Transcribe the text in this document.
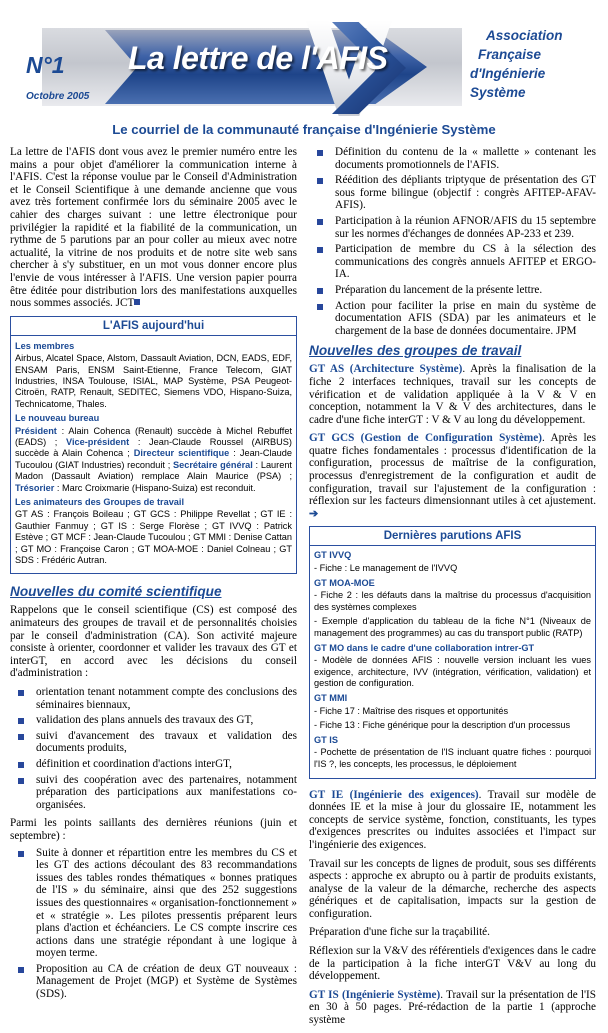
La lettre de l'AFIS
N°1
Octobre 2005
Association
Française
d'Ingénierie
Système
Le courriel de la communauté française d'Ingénierie Système

La lettre de l'AFIS dont vous avez le premier numéro entre les mains a pour objet d'améliorer la communication interne à l'AFIS. C'est la réponse voulue par le Conseil d'Administration et le Conseil Scientifique à une demande ancienne que vous avez très fortement confirmée lors du séminaire 2005 avec le cahier des charges suivant : une lettre électronique pour privilégier la rapidité et la fiabilité de la communication, un rythme de 5 parutions par an pour coller au mieux avec notre actualité, la vitrine de nos produits et de notre site web sans chercher à s'y substituer, en un mot vous donner encore plus l'envie de vous intéresser à l'AFIS. Une version papier pourra être éditée pour distribution lors des manifestations auxquelles nous sommes associés. JCT

L'AFIS aujourd'hui
Les membres

Airbus, Alcatel Space, Alstom, Dassault Aviation, DCN, EADS, EDF, ENSAM Paris, ENSM Saint-Etienne, France Telecom, GIAT Industries, INSA Toulouse, ISIAL, MAP Système, PSA Peugeot-Citroën, RATP, Renault, SEDITEC, Siemens VDO, Hispano-Suiza, Technicatome, Thales.

Le nouveau bureau

Président : Alain Cohenca (Renault) succède à Michel Rebuffet (EADS) ; Vice-président : Jean-Claude Roussel (AIRBUS) succède à Alain Cohenca ; Directeur scientifique : Jean-Claude Tucoulou (GIAT Industries) reconduit ; Secrétaire général : Laurent Madon (Dassault Aviation) remplace Alain Maurice (PSA) ; Trésorier : Marc Croixmarie (Hispano-Suiza) est reconduit.

Les animateurs des Groupes de travail

GT AS : François Boileau ; GT GCS : Philippe Revellat ; GT IE : Gauthier Fanmuy ; GT IS : Serge Florèse ; GT IVVQ : Patrick Estève ; GT MCF : Jean-Claude Tucoulou ; GT MMI : Denise Cattan ; GT MO : Françoise Caron ; GT MOA-MOE : Daniel Colneau ; GT SDS : Frédéric Autran.

Nouvelles du comité scientifique

Rappelons que le conseil scientifique (CS) est composé des animateurs des groupes de travail et de personnalités choisies par le conseil d'administration (CA). Son activité majeure consiste à orienter, coordonner et valider les travaux des GT et interGT, en accord avec les décisions du conseil d'administration :

orientation tenant notamment compte des conclusions des séminaires biennaux,
validation des plans annuels des travaux des GT,
suivi d'avancement des travaux et validation des documents produits,
définition et coordination d'actions interGT,
suivi des coopération avec des partenaires, notamment préparation des participations aux manifestations co-organisées.

Parmi les points saillants des dernières réunions (juin et septembre) :

Suite à donner et répartition entre les membres du CS et les GT des actions découlant des 83 recommandations issues des tables rondes thématiques « bonnes pratiques de l'IS » du séminaire, ainsi que des 252 suggestions issues des questionnaires « organisation-fonctionnement » et « stratégie ». Les pilotes pressentis préparent leurs plans d'action et échéanciers. Le CS compte inscrire ces actions dans une stratégie répondant à une logique à moyen terme.
Proposition au CA de création de deux GT nouveaux : Management de Projet (MGP) et Système de Systèmes (SDS).
Définition du contenu de la « mallette » contenant les documents promotionnels de l'AFIS.
Réédition des dépliants triptyque de présentation des GT sous forme bilingue (objectif : congrès AFITEP-AFAV-AFIS).
Participation à la réunion AFNOR/AFIS du 15 septembre sur les normes d'échanges de données AP-233 et 239.
Participation de membre du CS à la sélection des communications des congrès annuels AFITEP et ERGO-IA.
Préparation du lancement de la présente lettre.
Action pour faciliter la prise en main du système de documentation AFIS (SDA) par les animateurs et le chargement de la base de données documentaire. JPM
Nouvelles des groupes de travail

GT AS (Architecture Système). Après la finalisation de la fiche 2 interfaces techniques, travail sur les concepts de vérification et de validation appliquée à la V & V en conception, notamment la V & V des architectures, dans le cadre d'une fiche interGT : V & V au long du développement.

GT GCS (Gestion de Configuration Système). Après les quatre fiches fondamentales : processus d'identification de la configuration, processus de maîtrise de la configuration, processus d'enregistrement de la configuration et audit de configuration, travail sur l'ajustement de la configuration : réflexion sur les facteurs dimensionnant utiles à cet ajustement. ➔

Dernières parutions AFIS
GT IVVQ
- Fiche : Le management de l'IVVQ
GT MOA-MOE
- Fiche 2 : les défauts dans la maîtrise du processus d'acquisition des systèmes complexes
- Exemple d'application du tableau de la fiche N°1 (Niveaux de management des programmes) au cas du transport public (RATP)
GT MO dans le cadre d'une collaboration intrer-GT
- Modèle de données AFIS : nouvelle version incluant les vues exigence, architecture, IVV (intégration, vérification, validation) et gestion de configuration.
GT MMI
- Fiche 17 : Maîtrise des risques et opportunités
- Fiche 13 : Fiche générique pour la description d'un processus
GT IS
- Pochette de présentation de l'IS incluant quatre fiches : pourquoi l'IS ?, les concepts, les processus, le déploiement

GT IE (Ingénierie des exigences). Travail sur modèle de données IE et la mise à jour du glossaire IE, notamment les concepts de service système, fonction, constituants, les types d'exigences prescrites ou induites associées et l'impact sur l'ingénierie des exigences.

Travail sur les concepts de lignes de produit, sous ses différents aspects : approche ex abrupto ou à partir de produits existants, analyse de la valeur de la démarche, recherche des aspects génériques et de capitalisation, impacts sur la gestion de configuration.

Préparation d'une fiche sur la traçabilité.

Réflexion sur la V&V des référentiels d'exigences dans le cadre de la participation à la fiche interGT V&V au long du développement.

GT IS (Ingénierie Système). Travail sur la présentation de l'IS en 30 à 50 pages. Pré-rédaction de la partie 1 (approche système
